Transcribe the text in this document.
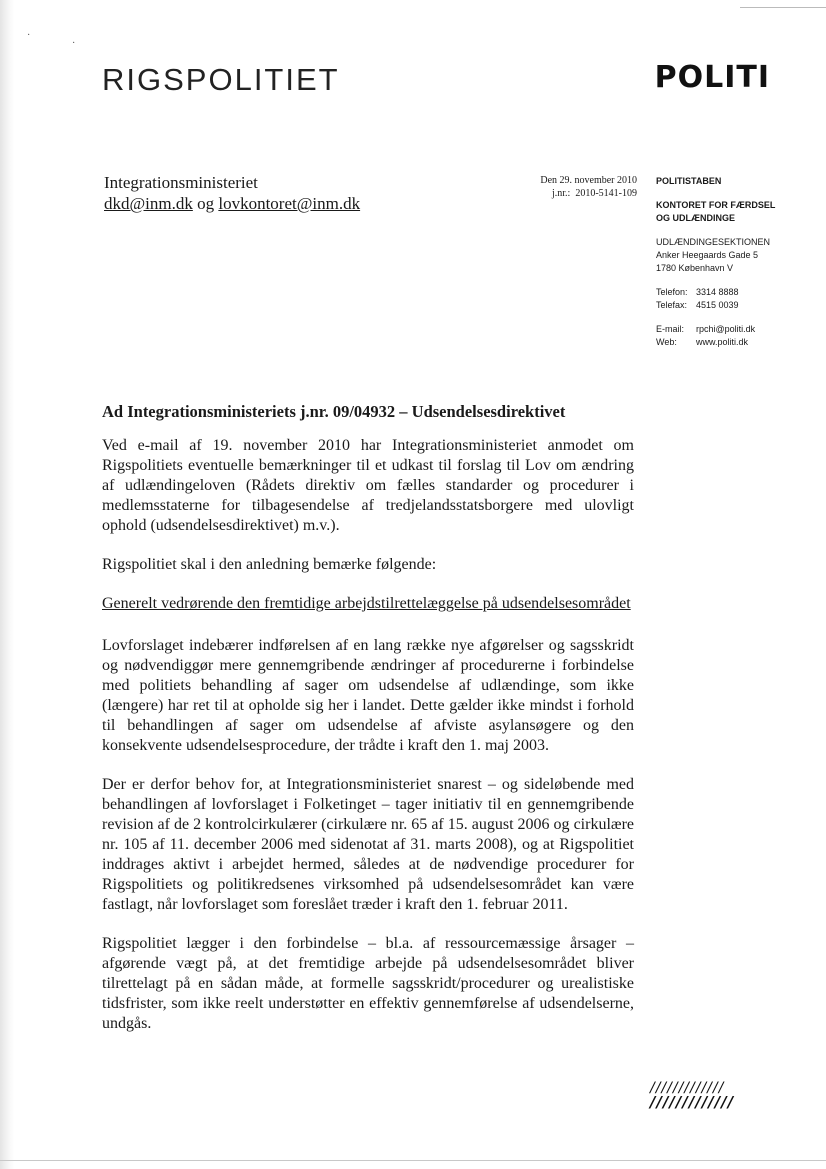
·
·
RIGSPOLITIET	POLITI
Integrationsministeriet
dkd@inm.dk og lovkontoret@inm.dk
Den 29. november 2010
j.nr.:  2010-5141-109
POLITISTABEN
KONTORET FOR FÆRDSEL
OG UDLÆNDINGE
UDLÆNDINGESEKTIONEN
Anker Heegaards Gade 5
1780 København V
Telefon: 3314 8888
Telefax: 4515 0039
E-mail:	rpchi@politi.dk
Web:	www.politi.dk
Ad Integrationsministeriets j.nr. 09/04932 – Udsendelsesdirektivet

Ved e-mail af 19. november 2010 har Integrationsministeriet anmodet om Rigspolitiets eventuelle bemærkninger til et udkast til forslag til Lov om ændring af udlændingeloven (Rådets direktiv om fælles standarder og procedurer i medlemsstaterne for tilbagesendelse af tredjelandsstatsborgere med ulovligt ophold (udsendelsesdirektivet) m.v.).

Rigspolitiet skal i den anledning bemærke følgende:

Generelt vedrørende den fremtidige arbejdstilrettelæggelse på udsendelsesområdet

Lovforslaget indebærer indførelsen af en lang række nye afgørelser og sagsskridt og nødvendiggør mere gennemgribende ændringer af procedurerne i forbindelse med politiets behandling af sager om udsendelse af udlændinge, som ikke (længere) har ret til at opholde sig her i landet. Dette gælder ikke mindst i forhold til behandlingen af sager om udsendelse af afviste asylansøgere og den konsekvente udsendelsesprocedure, der trådte i kraft den 1. maj 2003.

Der er derfor behov for, at Integrationsministeriet snarest – og sideløbende med behandlingen af lovforslaget i Folketinget – tager initiativ til en gennemgribende revision af de 2 kontrolcirkulærer (cirkulære nr. 65 af 15. august 2006 og cirkulære nr. 105 af 11. december 2006 med sidenotat af 31. marts 2008), og at Rigspolitiet inddrages aktivt i arbejdet hermed, således at de nødvendige procedurer for Rigspolitiets og politikredsenes virksomhed på udsendelsesområdet kan være fastlagt, når lovforslaget som foreslået træder i kraft den 1. februar 2011.

Rigspolitiet lægger i den forbindelse – bl.a. af ressourcemæssige årsager – afgørende vægt på, at det fremtidige arbejde på udsendelsesområdet bliver tilrettelagt på en sådan måde, at formelle sagsskridt/procedurer og urealistiske tidsfrister, som ikke reelt understøtter en effektiv gennemførelse af udsendelserne, undgås.

/////////////
/////////////
